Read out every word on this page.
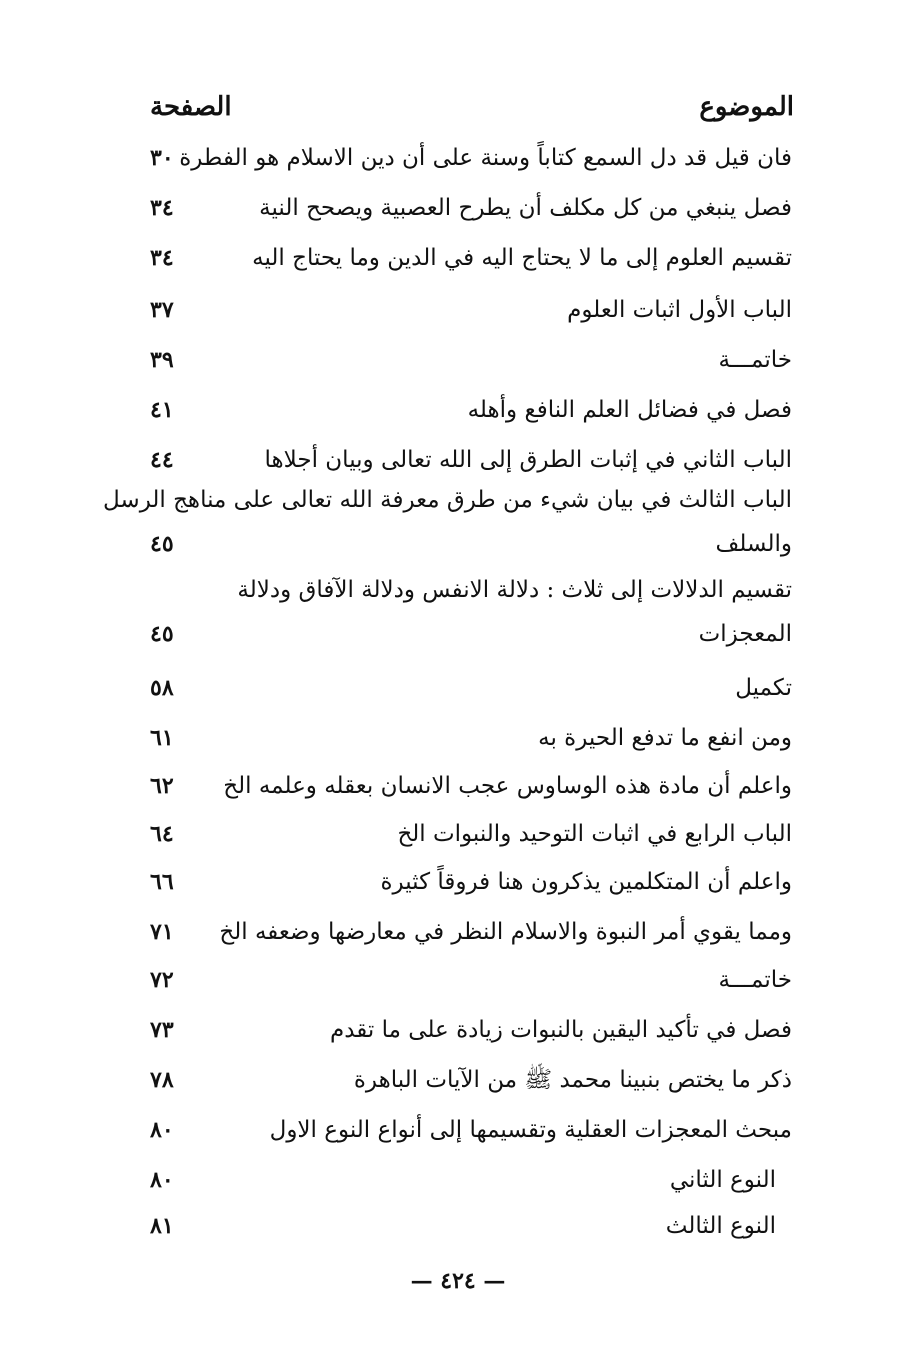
الموضوع
الصفحة
فان قيل قد دل السمع كتاباً وسنة على أن دين الاسلام هو الفطرة
٣٠
فصل ينبغي من كل مكلف أن يطرح العصبية ويصحح النية
٣٤
تقسيم العلوم إلى ما لا يحتاج اليه في الدين وما يحتاج اليه
٣٤
الباب الأول اثبات العلوم
٣٧
خاتمـــة
٣٩
فصل في فضائل العلم النافع وأهله
٤١
الباب الثاني في إثبات الطرق إلى الله تعالى وبيان أجلاها
٤٤
الباب الثالث في بيان شيء من طرق معرفة الله تعالى على مناهج الرسل
والسلف
٤٥
تقسيم الدلالات إلى ثلاث : دلالة الانفس ودلالة الآفاق ودلالة
المعجزات
٤٥
تكميل
٥٨
ومن انفع ما تدفع الحيرة به
٦١
واعلم أن مادة هذه الوساوس عجب الانسان بعقله وعلمه الخ
٦٢
الباب الرابع في اثبات التوحيد والنبوات الخ
٦٤
واعلم أن المتكلمين يذكرون هنا فروقاً كثيرة
٦٦
ومما يقوي أمر النبوة والاسلام النظر في معارضها وضعفه الخ
٧١
خاتمـــة
٧٢
فصل في تأكيد اليقين بالنبوات زيادة على ما تقدم
٧٣
ذكر ما يختص بنبينا محمد ﷺ من الآيات الباهرة
٧٨
مبحث المعجزات العقلية وتقسيمها إلى أنواع النوع الاول
٨٠
النوع الثاني
٨٠
النوع الثالث
٨١
— ٤٢٤ —
